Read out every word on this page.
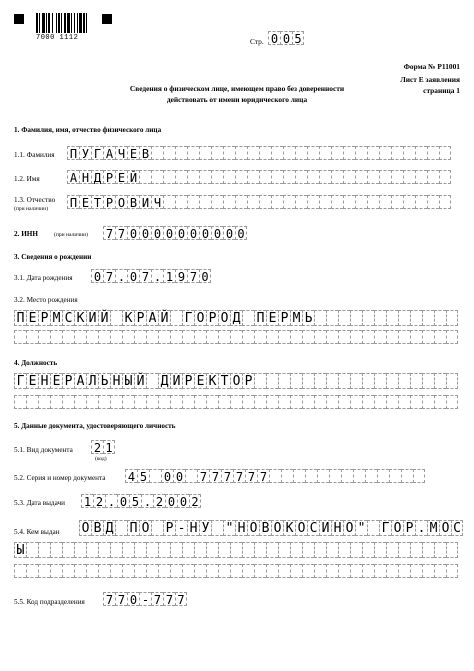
7000 1112	Стр. 0 0 5
Форма № Р11001
Лист Е заявления
страница 1
Сведения о физическом лице, имеющем право без доверенности
действовать от имени юридического лица
1. Фамилия, имя, отчество физического лица
1.1. Фамилия П У Г А Ч Е В
1.2. Имя	А Н Д Р Е Й
1.3. Отчество
(при наличии) П Е Т Р О В И Ч
2. ИНН	(при наличии) 7 7 0 0 0 0 0 0 0 0 0 0
3. Сведения о рождении
3.1. Дата рождения 0 7 . 0 7 . 1 9 7 0
3.2. Место рождения
П Е Р М С К И Й К Р А Й Г О Р О Д П Е Р М Ь
4. Должность
Г Е Н Е Р А Л Ь Н Ы Й Д И Р Е К Т О Р
5. Данные документа, удостоверяющего личность
5.1. Вид документа 2 1
(код)
5.2. Серия и номер документа 4 5 0 0 7 7 7 7 7 7
5.3. Дата выдачи 1 2 . 0 5 . 2 0 0 2
5.4. Кем выдан О В Д П О Р - Н У " Н О В О К О С И Н О " Г О Р . М О С
Ы
5.5. Код подразделения 7 7 0 - 7 7 7
